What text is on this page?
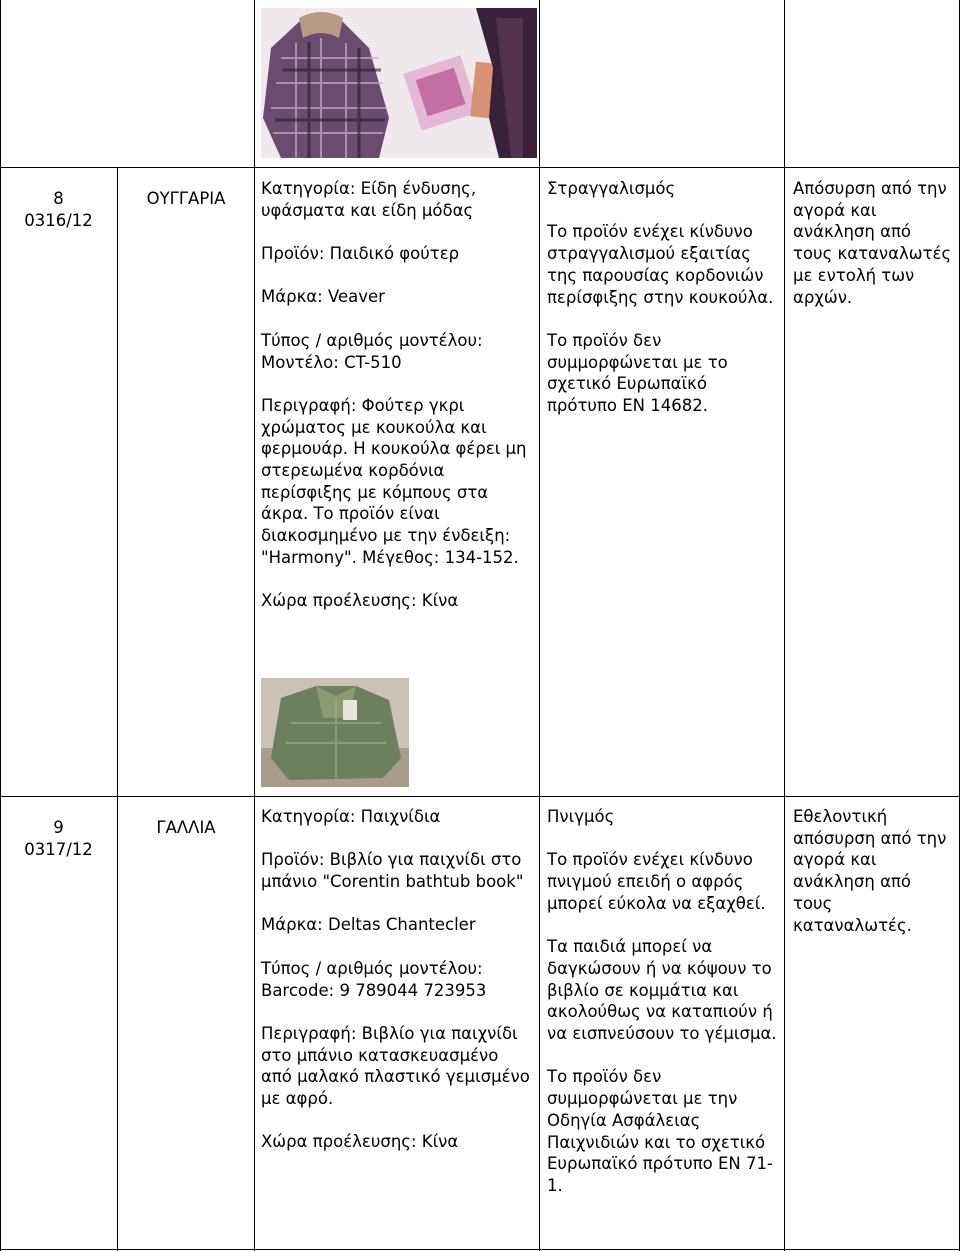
8
0316/12
ΟΥΓΓΑΡΙΑ

Κατηγορία: Είδη ένδυσης, υφάσματα και είδη μόδας

Προϊόν: Παιδικό φούτερ

Μάρκα: Veaver

Τύπος / αριθμός μοντέλου: Μοντέλο: CT-510

Περιγραφή: Φούτερ γκρι χρώματος με κουκούλα και φερμουάρ. Η κουκούλα φέρει μη στερεωμένα κορδόνια περίσφιξης με κόμπους στα άκρα. Το προϊόν είναι διακοσμημένο με την ένδειξη: "Harmony". Μέγεθος: 134-152.

Χώρα προέλευσης: Κίνα

Στραγγαλισμός

Το προϊόν ενέχει κίνδυνο στραγγαλισμού εξαιτίας της παρουσίας κορδονιών περίσφιξης στην κουκούλα.

Το προϊόν δεν συμμορφώνεται με το σχετικό Ευρωπαϊκό πρότυπο EN 14682.

Απόσυρση από την αγορά και ανάκληση από τους καταναλωτές με εντολή των αρχών.

9
0317/12
ΓΑΛΛΙΑ

Κατηγορία: Παιχνίδια

Προϊόν: Βιβλίο για παιχνίδι στο μπάνιο "Corentin bathtub book"

Μάρκα: Deltas Chantecler

Τύπος / αριθμός μοντέλου: Barcode: 9 789044 723953

Περιγραφή: Βιβλίο για παιχνίδι στο μπάνιο κατασκευασμένο από μαλακό πλαστικό γεμισμένο με αφρό.

Χώρα προέλευσης: Κίνα

Πνιγμός

Το προϊόν ενέχει κίνδυνο πνιγμού επειδή ο αφρός μπορεί εύκολα να εξαχθεί.

Τα παιδιά μπορεί να δαγκώσουν ή να κόψουν το βιβλίο σε κομμάτια και ακολούθως να καταπιούν ή να εισπνεύσουν το γέμισμα.

Το προϊόν δεν συμμορφώνεται με την Οδηγία Ασφάλειας Παιχνιδιών και το σχετικό Ευρωπαϊκό πρότυπο EN 71-1.

Εθελοντική απόσυρση από την αγορά και ανάκληση από τους καταναλωτές.
